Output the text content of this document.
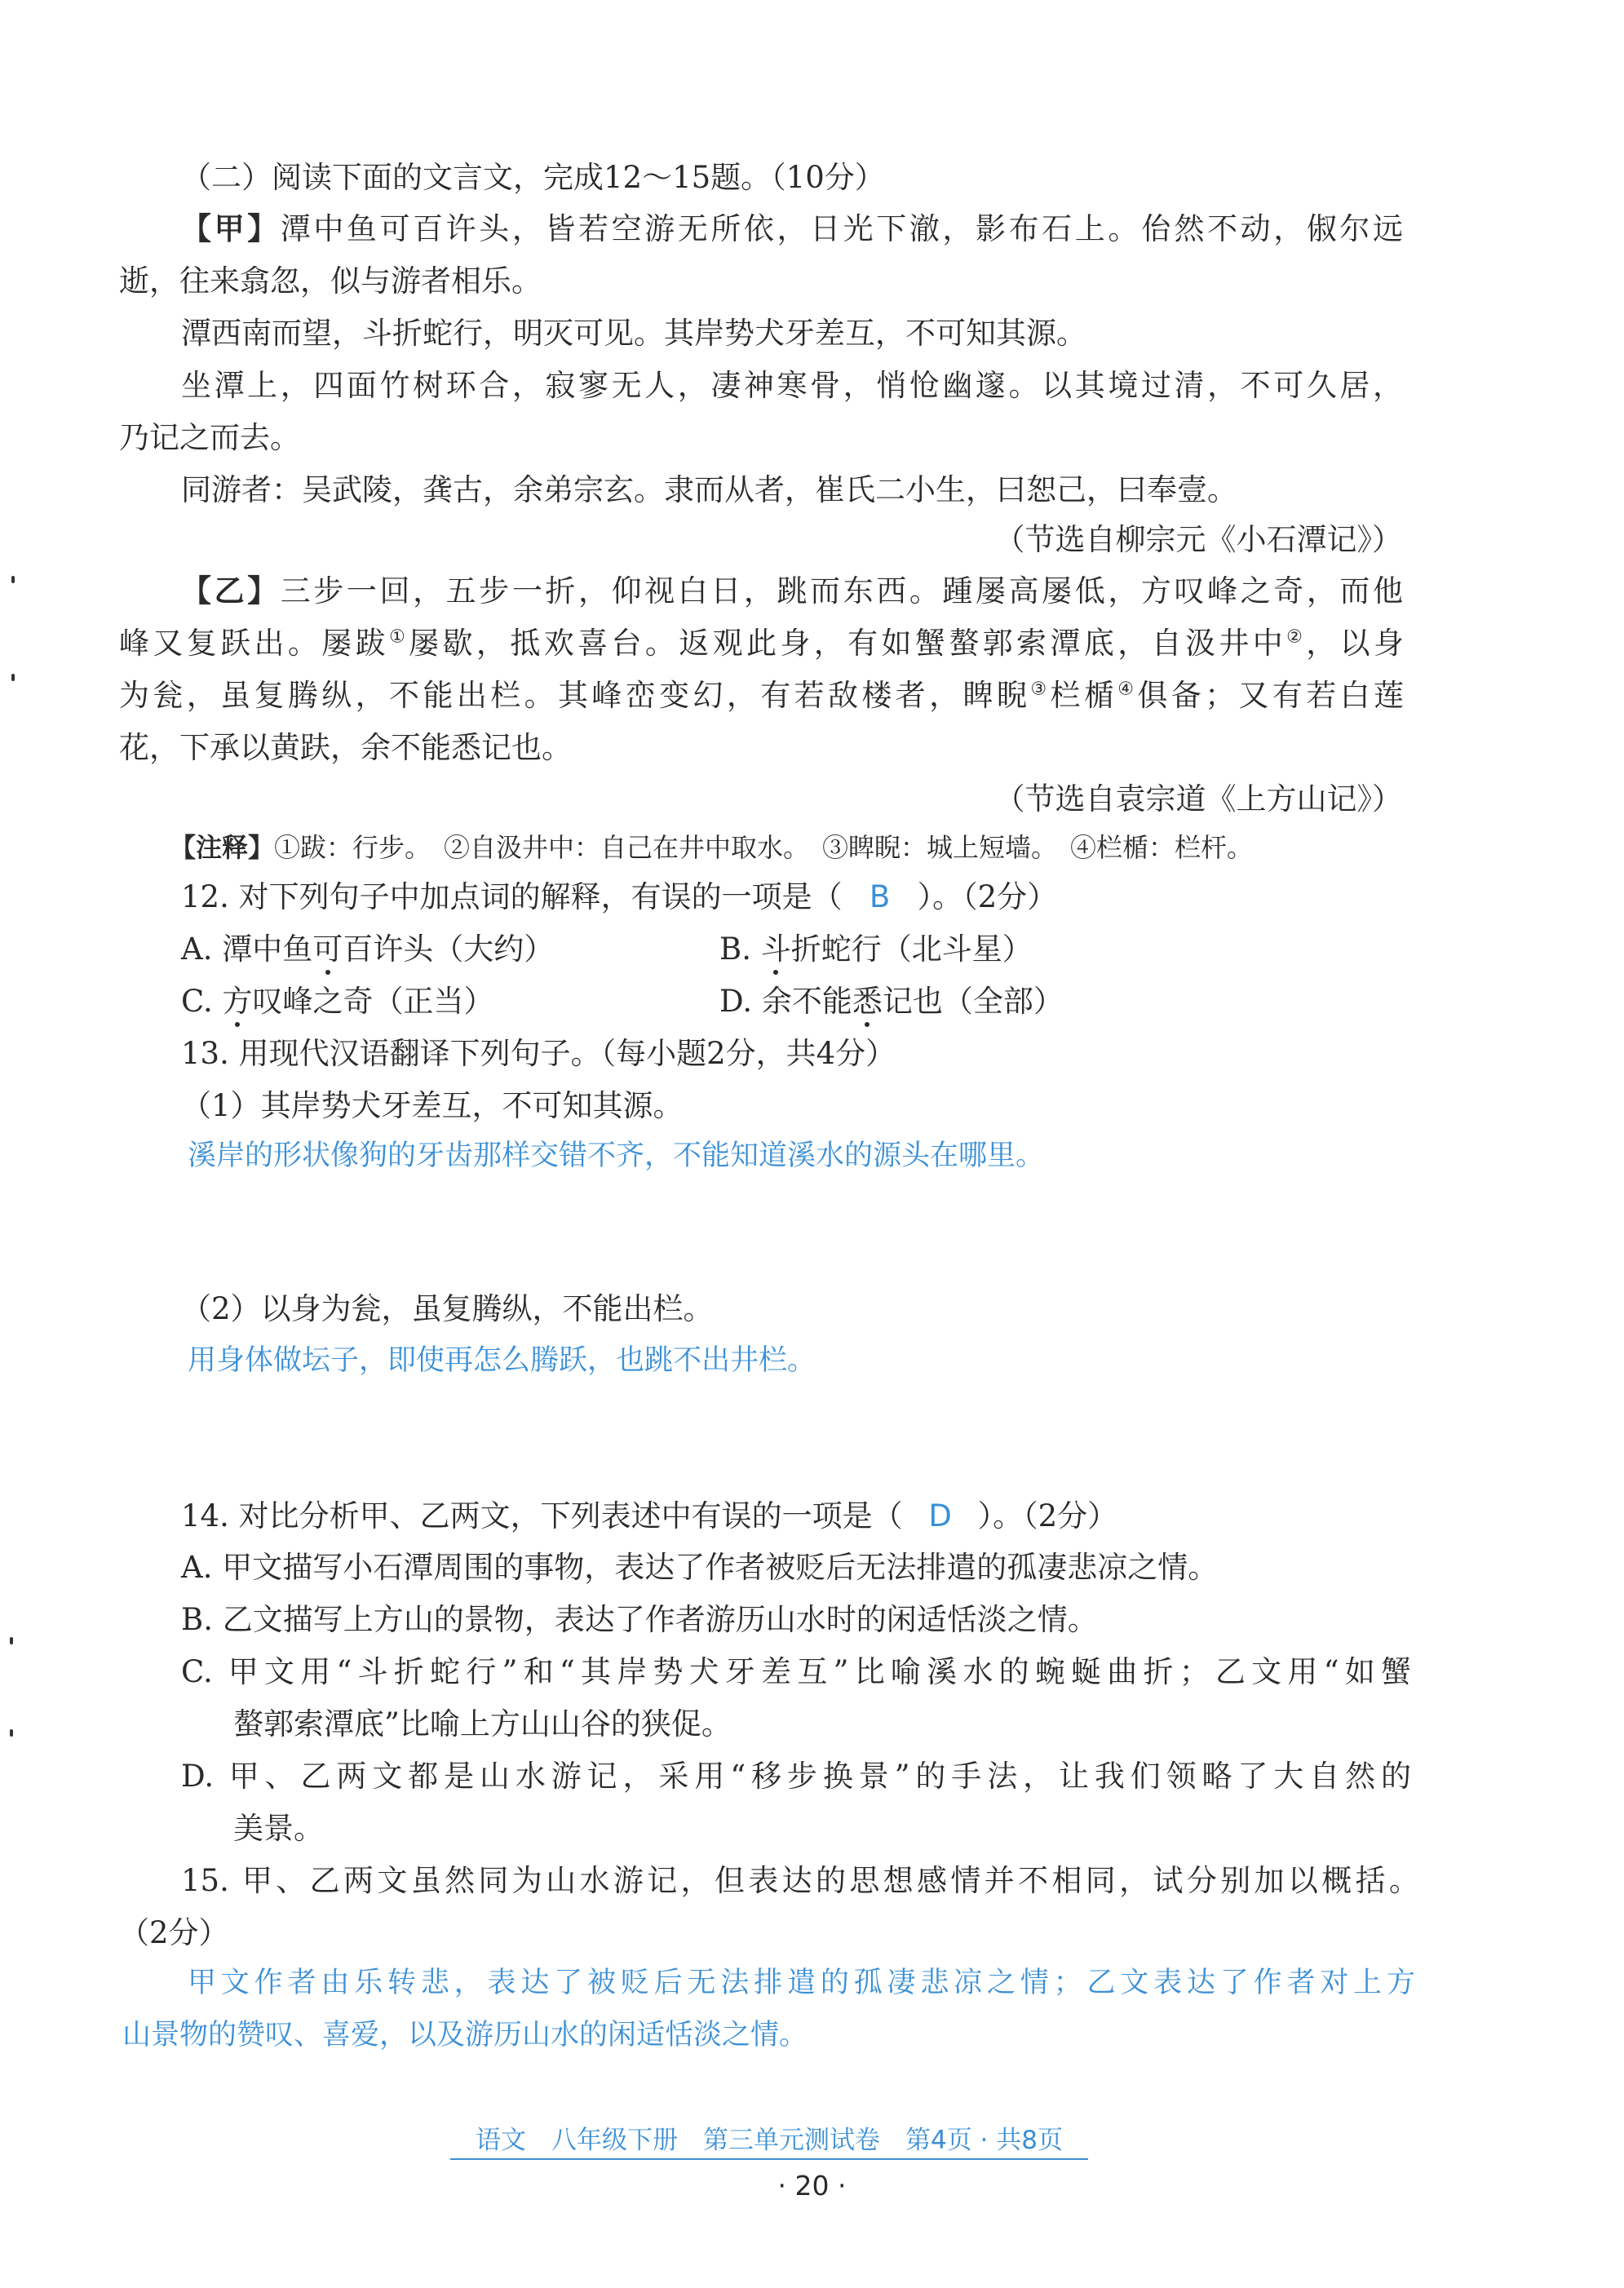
（二）阅读下面的文言文，完成12～15题。（10分）
【甲】潭中鱼可百许头，皆若空游无所依，日光下澈，影布石上。佁然不动，俶尔远
逝，往来翕忽，似与游者相乐。
潭西南而望，斗折蛇行，明灭可见。其岸势犬牙差互，不可知其源。
坐潭上，四面竹树环合，寂寥无人，凄神寒骨，悄怆幽邃。以其境过清，不可久居，
乃记之而去。
同游者：吴武陵，龚古，余弟宗玄。隶而从者，崔氏二小生，曰恕己，曰奉壹。
（节选自柳宗元《小石潭记》）
【乙】三步一回，五步一折，仰视白日，跳而东西。踵屡高屡低，方叹峰之奇，而他
峰又复跃出。屡跋①屡歇，抵欢喜台。返观此身，有如蟹螯郭索潭底，自汲井中②，以身
为瓮，虽复腾纵，不能出栏。其峰峦变幻，有若敌楼者，睥睨③栏楯④俱备；又有若白莲
花，下承以黄趺，余不能悉记也。
（节选自袁宗道《上方山记》）
【注释】①跋：行步。　②自汲井中：自己在井中取水。　③睥睨：城上短墙。　④栏楯：栏杆。
12. 对下列句子中加点词的解释，有误的一项是（ B ）。（2分）
A. 潭中鱼可百许头（大约）	B. 斗折蛇行（北斗星）
C. 方叹峰之奇（正当）	D. 余不能悉记也（全部）
13. 用现代汉语翻译下列句子。（每小题2分，共4分）
（1）其岸势犬牙差互，不可知其源。
溪岸的形状像狗的牙齿那样交错不齐，不能知道溪水的源头在哪里。
（2）以身为瓮，虽复腾纵，不能出栏。
用身体做坛子，即使再怎么腾跃，也跳不出井栏。
14. 对比分析甲、乙两文，下列表述中有误的一项是（ D ）。（2分）
A. 甲文描写小石潭周围的事物，表达了作者被贬后无法排遣的孤凄悲凉之情。
B. 乙文描写上方山的景物，表达了作者游历山水时的闲适恬淡之情。
C. 甲文用“斗折蛇行”和“其岸势犬牙差互”比喻溪水的蜿蜒曲折；乙文用“如蟹
螯郭索潭底”比喻上方山山谷的狭促。
D. 甲、乙两文都是山水游记，采用“移步换景”的手法，让我们领略了大自然的
美景。
15. 甲、乙两文虽然同为山水游记，但表达的思想感情并不相同，试分别加以概括。
（2分）
甲文作者由乐转悲，表达了被贬后无法排遣的孤凄悲凉之情；乙文表达了作者对上方
山景物的赞叹、喜爱，以及游历山水的闲适恬淡之情。
语文　八年级下册　第三单元测试卷　第4页 · 共8页
· 20 ·
